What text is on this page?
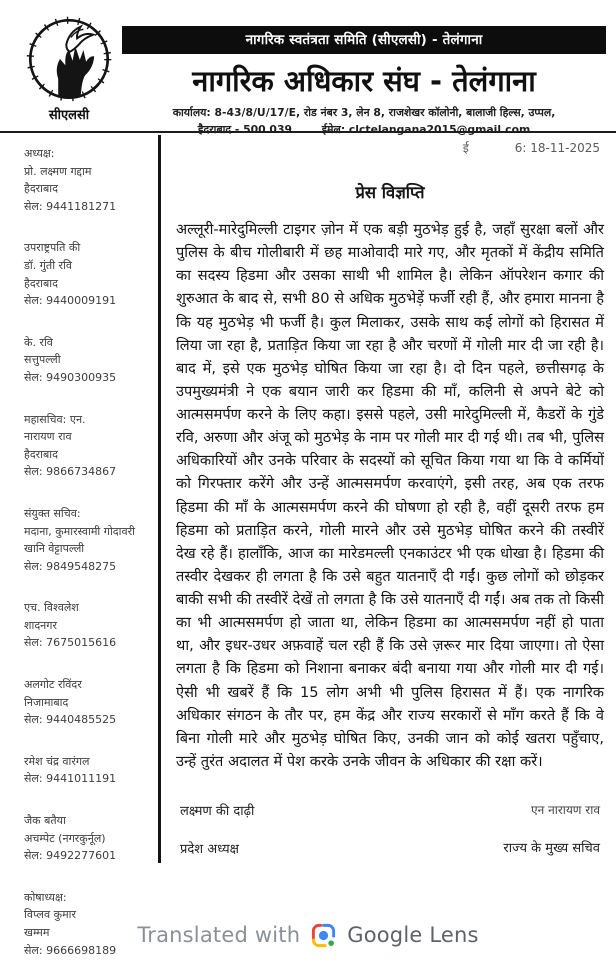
सीएलसी
नागरिक स्वतंत्रता समिति (सीएलसी) - तेलंगाना
नागरिक अधिकार संघ - तेलंगाना
कार्यालय: 8-43/8/U/17/E, रोड नंबर 3, लेन 8, राजशेखर कॉलोनी, बालाजी हिल्स, उप्पल,
हैदराबाद - 500 039	ईमेल: clctelangana2015@gmail.com
अध्यक्ष:
प्रो. लक्ष्मण गद्दाम
हैदराबाद
सेल: 9441181271
उपराष्ट्रपति की
डॉ. गुंती रवि
हैदराबाद
सेल: 9440009191
के. रवि
सत्तुपल्ली
सेल: 9490300935
महासचिव: एन.
नारायण राव
हैदराबाद
सेल: 9866734867
संयुक्त सचिव:
मदाना, कुमारस्वामी गोदावरी
खानि वेट्टापल्ली
सेल: 9849548275
एच. विश्वलेश
शादनगर
सेल: 7675015616
अलगोट रविंदर
निजामाबाद
सेल: 9440485525
रमेश चंद्र वारंगल
सेल: 9441011191
जैक बतैया
अचम्पेट (नगरकुर्नूल)
सेल: 9492277601
कोषाध्यक्ष:
विप्लव कुमार
खम्मम
सेल: 9666698189
ई	6: 18-11-2025
प्रेस विज्ञप्ति
अल्लूरी-मारेदुमिल्ली टाइगर ज़ोन में एक बड़ी मुठभेड़ हुई है, जहाँ सुरक्षा बलों और पुलिस के बीच गोलीबारी में छह माओवादी मारे गए, और मृतकों में केंद्रीय समिति का सदस्य हिडमा और उसका साथी भी शामिल है। लेकिन ऑपरेशन कगार की शुरुआत के बाद से, सभी 80 से अधिक मुठभेड़ें फर्जी रही हैं, और हमारा मानना है कि यह मुठभेड़ भी फर्जी है। कुल मिलाकर, उसके साथ कई लोगों को हिरासत में लिया जा रहा है, प्रताड़ित किया जा रहा है और चरणों में गोली मार दी जा रही है। बाद में, इसे एक मुठभेड़ घोषित किया जा रहा है। दो दिन पहले, छत्तीसगढ़ के उपमुख्यमंत्री ने एक बयान जारी कर हिडमा की माँ, कलिनी से अपने बेटे को आत्मसमर्पण करने के लिए कहा। इससे पहले, उसी मारेदुमिल्ली में, कैडरों के गुंडे रवि, अरुणा और अंजू को मुठभेड़ के नाम पर गोली मार दी गई थी। तब भी, पुलिस अधिकारियों और उनके परिवार के सदस्यों को सूचित किया गया था कि वे कर्मियों को गिरफ्तार करेंगे और उन्हें आत्मसमर्पण करवाएंगे, इसी तरह, अब एक तरफ हिडमा की माँ के आत्मसमर्पण करने की घोषणा हो रही है, वहीं दूसरी तरफ हम हिडमा को प्रताड़ित करने, गोली मारने और उसे मुठभेड़ घोषित करने की तस्वीरें देख रहे हैं। हालाँकि, आज का मारेडमल्ली एनकाउंटर भी एक धोखा है। हिडमा की तस्वीर देखकर ही लगता है कि उसे बहुत यातनाएँ दी गईं। कुछ लोगों को छोड़कर बाकी सभी की तस्वीरें देखें तो लगता है कि उसे यातनाएँ दी गईं। अब तक तो किसी का भी आत्मसमर्पण हो जाता था, लेकिन हिडमा का आत्मसमर्पण नहीं हो पाता था, और इधर-उधर अफ़वाहें चल रही हैं कि उसे ज़रूर मार दिया जाएगा। तो ऐसा लगता है कि हिडमा को निशाना बनाकर बंदी बनाया गया और गोली मार दी गई। ऐसी भी खबरें हैं कि 15 लोग अभी भी पुलिस हिरासत में हैं। एक नागरिक अधिकार संगठन के तौर पर, हम केंद्र और राज्य सरकारों से माँग करते हैं कि वे बिना गोली मारे और मुठभेड़ घोषित किए, उनकी जान को कोई खतरा पहुँचाए, उन्हें तुरंत अदालत में पेश करके उनके जीवन के अधिकार की रक्षा करें।
लक्ष्मण की दाढ़ी
प्रदेश अध्यक्ष
एन नारायण राव
राज्य के मुख्य सचिव
Translated with Google Lens
